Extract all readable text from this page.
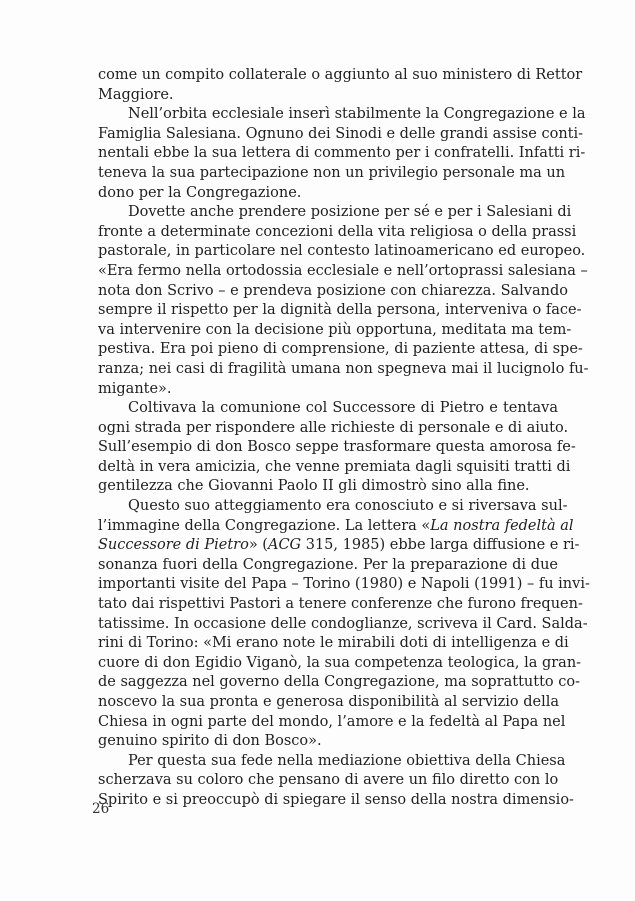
come un compito collaterale o aggiunto al suo ministero di Rettor
Maggiore.
Nell’orbita ecclesiale inserì stabilmente la Congregazione e la
Famiglia Salesiana. Ognuno dei Sinodi e delle grandi assise conti-
nentali ebbe la sua lettera di commento per i confratelli. Infatti ri-
teneva la sua partecipazione non un privilegio personale ma un
dono per la Congregazione.
Dovette anche prendere posizione per sé e per i Salesiani di
fronte a determinate concezioni della vita religiosa o della prassi
pastorale, in particolare nel contesto latinoamericano ed europeo.
«Era fermo nella ortodossia ecclesiale e nell’ortoprassi salesiana –
nota don Scrivo – e prendeva posizione con chiarezza. Salvando
sempre il rispetto per la dignità della persona, interveniva o face-
va intervenire con la decisione più opportuna, meditata ma tem-
pestiva. Era poi pieno di comprensione, di paziente attesa, di spe-
ranza; nei casi di fragilità umana non spegneva mai il lucignolo fu-
migante».
Coltivava la comunione col Successore di Pietro e tentava
ogni strada per rispondere alle richieste di personale e di aiuto.
Sull’esempio di don Bosco seppe trasformare questa amorosa fe-
deltà in vera amicizia, che venne premiata dagli squisiti tratti di
gentilezza che Giovanni Paolo II gli dimostrò sino alla fine.
Questo suo atteggiamento era conosciuto e si riversava sul-
l’immagine della Congregazione. La lettera «La nostra fedeltà al
Successore di Pietro» (ACG 315, 1985) ebbe larga diffusione e ri-
sonanza fuori della Congregazione. Per la preparazione di due
importanti visite del Papa – Torino (1980) e Napoli (1991) – fu invi-
tato dai rispettivi Pastori a tenere conferenze che furono frequen-
tatissime. In occasione delle condoglianze, scriveva il Card. Salda-
rini di Torino: «Mi erano note le mirabili doti di intelligenza e di
cuore di don Egidio Viganò, la sua competenza teologica, la gran-
de saggezza nel governo della Congregazione, ma soprattutto co-
noscevo la sua pronta e generosa disponibilità al servizio della
Chiesa in ogni parte del mondo, l’amore e la fedeltà al Papa nel
genuino spirito di don Bosco».
Per questa sua fede nella mediazione obiettiva della Chiesa
scherzava su coloro che pensano di avere un filo diretto con lo
Spirito e si preoccupò di spiegare il senso della nostra dimensio-
26
